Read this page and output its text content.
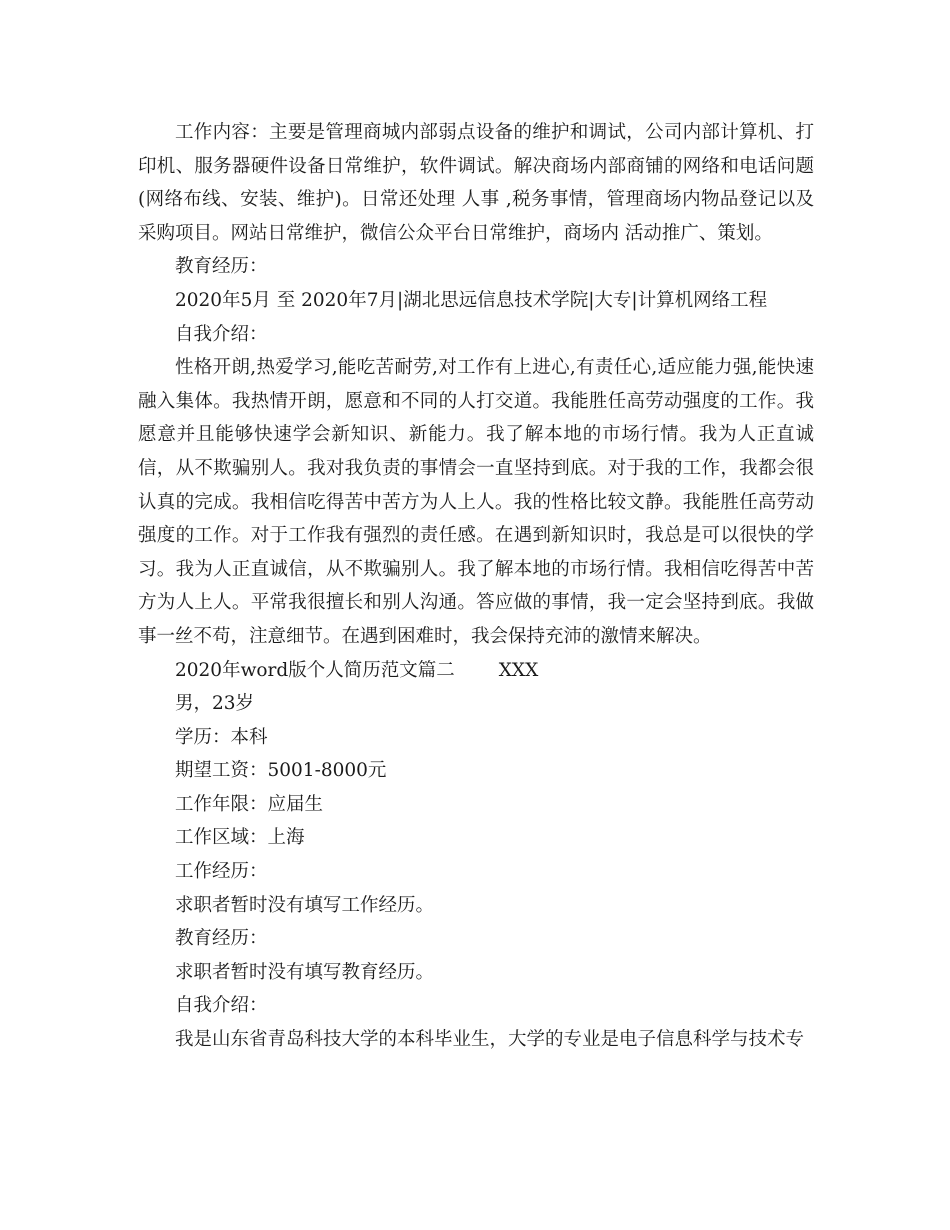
工作内容：主要是管理商城内部弱点设备的维护和调试，公司内部计算机、打印机、服务器硬件设备日常维护，软件调试。解决商场内部商铺的网络和电话问题(网络布线、安装、维护)。日常还处理 人事 ,税务事情，管理商场内物品登记以及采购项目。网站日常维护，微信公众平台日常维护，商场内 活动推广、策划。

教育经历：

2020年5月 至 2020年7月|湖北思远信息技术学院|大专|计算机网络工程

自我介绍：

性格开朗,热爱学习,能吃苦耐劳,对工作有上进心,有责任心,适应能力强,能快速融入集体。我热情开朗，愿意和不同的人打交道。我能胜任高劳动强度的工作。我愿意并且能够快速学会新知识、新能力。我了解本地的市场行情。我为人正直诚信，从不欺骗别人。我对我负责的事情会一直坚持到底。对于我的工作，我都会很认真的完成。我相信吃得苦中苦方为人上人。我的性格比较文静。我能胜任高劳动强度的工作。对于工作我有强烈的责任感。在遇到新知识时，我总是可以很快的学习。我为人正直诚信，从不欺骗别人。我了解本地的市场行情。我相信吃得苦中苦方为人上人。平常我很擅长和别人沟通。答应做的事情，我一定会坚持到底。我做事一丝不苟，注意细节。在遇到困难时，我会保持充沛的激情来解决。

2020年word版个人简历范文篇二 XXX

男，23岁

学历：本科

期望工资：5001-8000元

工作年限：应届生

工作区域：上海

工作经历：

求职者暂时没有填写工作经历。

教育经历：

求职者暂时没有填写教育经历。

自我介绍：

我是山东省青岛科技大学的本科毕业生，大学的专业是电子信息科学与技术专
